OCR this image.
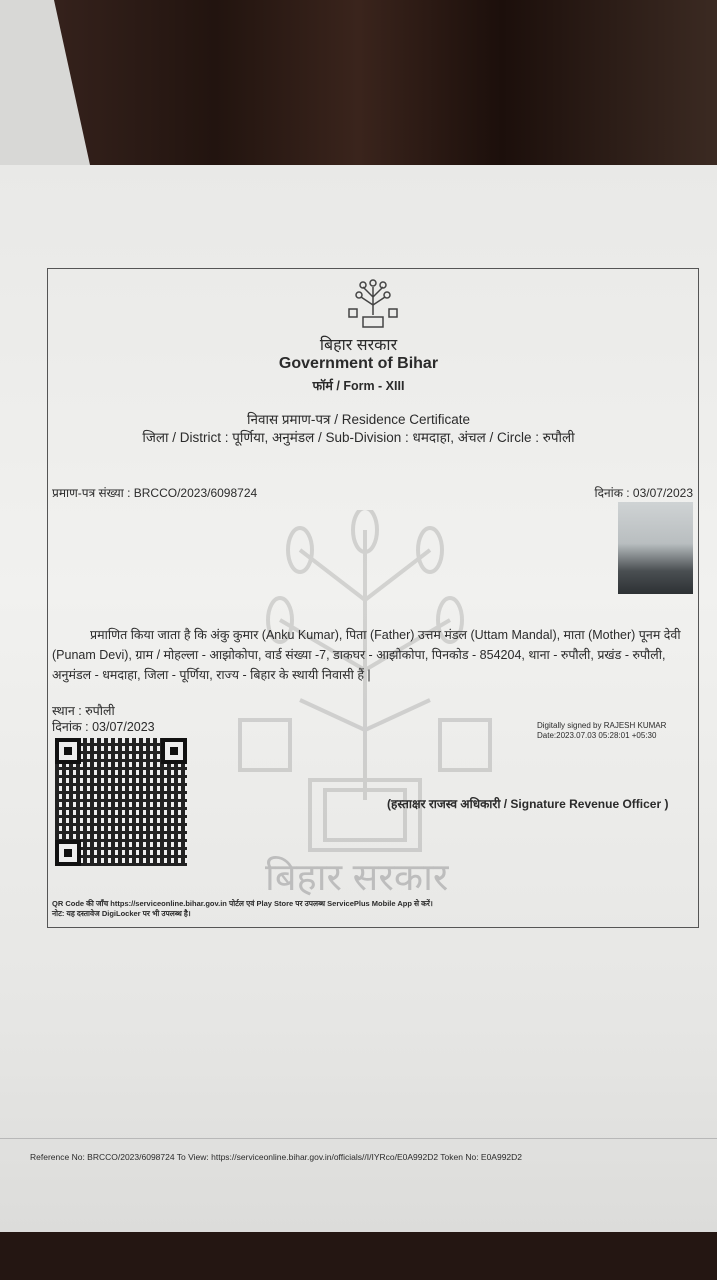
बिहार सरकार
Government of Bihar
फॉर्म / Form - XIII
निवास प्रमाण-पत्र / Residence Certificate
जिला / District : पूर्णिया, अनुमंडल / Sub-Division : धमदाहा, अंचल / Circle : रुपौली
प्रमाण-पत्र संख्या : BRCCO/2023/6098724	दिनांक : 03/07/2023
बिहार सरकार
प्रमाणित किया जाता है कि अंकु कुमार (Anku Kumar), पिता (Father) उत्तम मंडल (Uttam Mandal), माता (Mother) पूनम देवी (Punam Devi), ग्राम / मोहल्ला - आझोकोपा, वार्ड संख्या -7, डाकघर - आझोकोपा, पिनकोड - 854204, थाना - रुपौली, प्रखंड - रुपौली, अनुमंडल - धमदाहा, जिला - पूर्णिया, राज्य - बिहार के स्थायी निवासी हैं |
स्थान : रुपौली
दिनांक : 03/07/2023	Digitally signed by RAJESH KUMAR
Date:2023.07.03 05:28:01 +05:30
(हस्ताक्षर राजस्व अधिकारी / Signature Revenue Officer )
QR Code की जाँच https://serviceonline.bihar.gov.in पोर्टल एवं Play Store पर उपलब्ध ServicePlus Mobile App से करें।
नोट: यह दस्तावेज DigiLocker पर भी उपलब्ध है।
Reference No: BRCCO/2023/6098724 To View: https://serviceonline.bihar.gov.in/officials//I/IYRco/E0A992D2 Token No: E0A992D2
